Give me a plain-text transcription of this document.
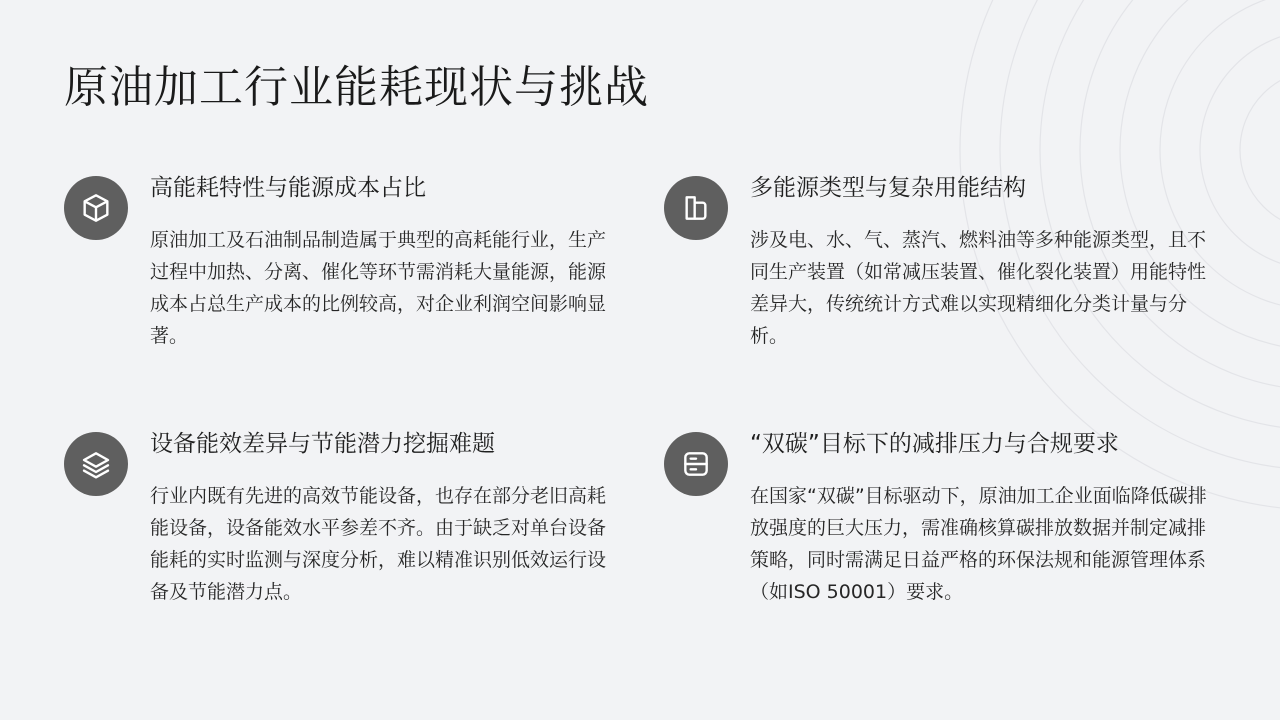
原油加工行业能耗现状与挑战
高能耗特性与能源成本占比
原油加工及石油制品制造属于典型的高耗能行业，生产过程中加热、分离、催化等环节需消耗大量能源，能源成本占总生产成本的比例较高，对企业利润空间影响显著。
多能源类型与复杂用能结构
涉及电、水、气、蒸汽、燃料油等多种能源类型，且不同生产装置（如常减压装置、催化裂化装置）用能特性差异大，传统统计方式难以实现精细化分类计量与分析。
设备能效差异与节能潜力挖掘难题
行业内既有先进的高效节能设备，也存在部分老旧高耗能设备，设备能效水平参差不齐。由于缺乏对单台设备能耗的实时监测与深度分析，难以精准识别低效运行设备及节能潜力点。
“双碳”目标下的减排压力与合规要求
在国家“双碳”目标驱动下，原油加工企业面临降低碳排放强度的巨大压力，需准确核算碳排放数据并制定减排策略，同时需满足日益严格的环保法规和能源管理体系（如ISO 50001）要求。
